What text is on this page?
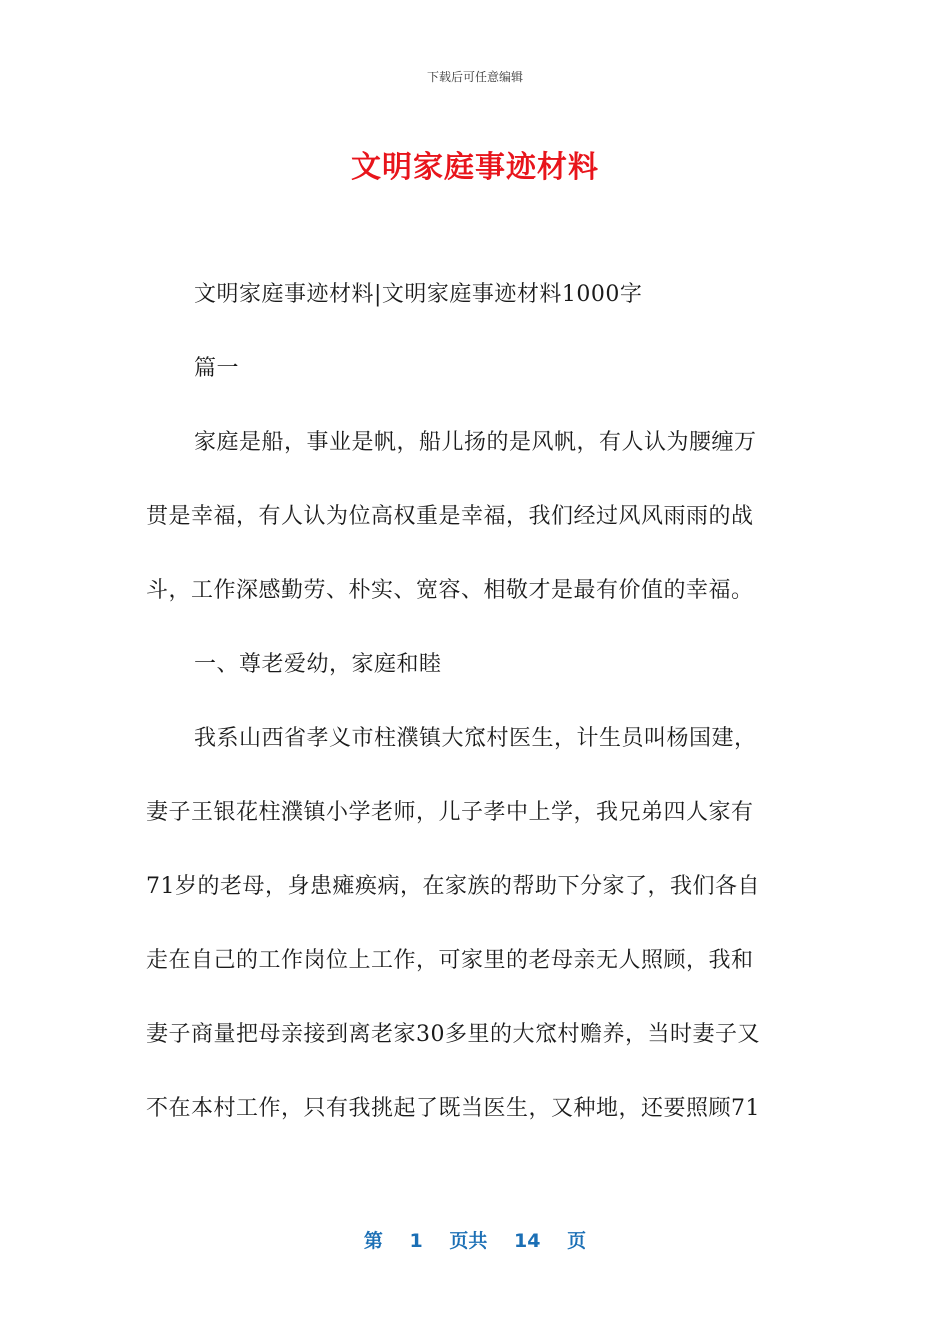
下载后可任意编辑
文明家庭事迹材料
文明家庭事迹材料|文明家庭事迹材料1000字
篇一
家庭是船，事业是帆，船儿扬的是风帆，有人认为腰缠万
贯是幸福，有人认为位高权重是幸福，我们经过风风雨雨的战
斗，工作深感勤劳、朴实、宽容、相敬才是最有价值的幸福。
一、尊老爱幼，家庭和睦
我系山西省孝义市柱濮镇大窊村医生，计生员叫杨国建，
妻子王银花柱濮镇小学老师，儿子孝中上学，我兄弟四人家有
71岁的老母，身患瘫痪病，在家族的帮助下分家了，我们各自
走在自己的工作岗位上工作，可家里的老母亲无人照顾，我和
妻子商量把母亲接到离老家30多里的大窊村赡养，当时妻子又
不在本村工作，只有我挑起了既当医生，又种地，还要照顾71
第 1 页共 14 页
